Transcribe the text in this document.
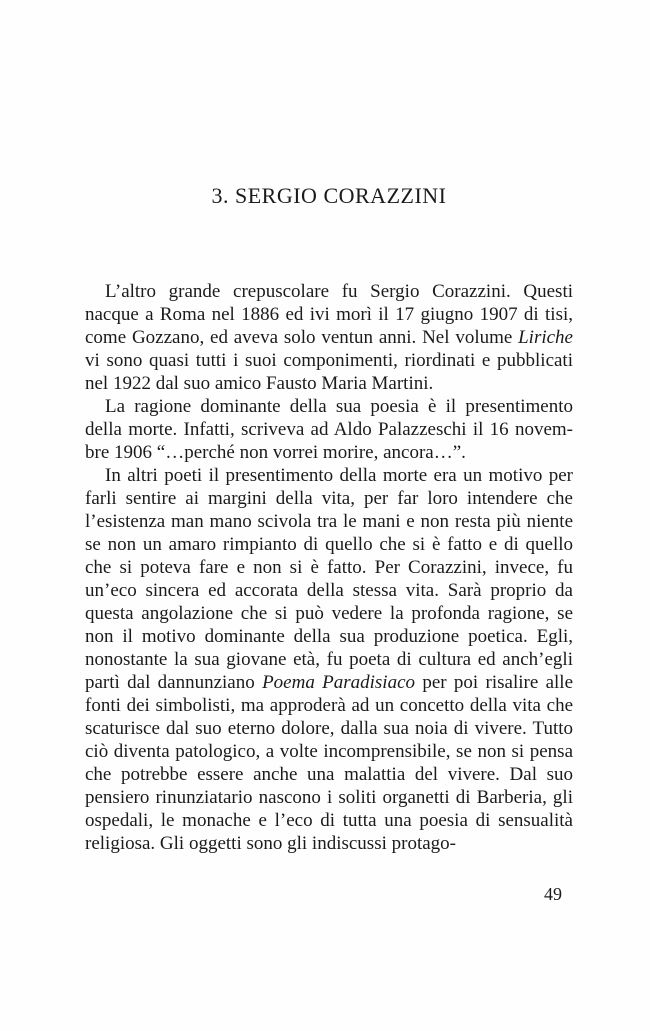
3. SERGIO CORAZZINI

L’altro grande crepuscolare fu Sergio Corazzini. Questi nacque a Roma nel 1886 ed ivi morì il 17 giugno 1907 di tisi, come Gozzano, ed aveva solo ventun anni. Nel volume Liriche vi sono quasi tutti i suoi componimenti, riordinati e pubblicati nel 1922 dal suo amico Fausto Maria Martini.

La ragione dominante della sua poesia è il presentimento della morte. Infatti, scriveva ad Aldo Palazzeschi il 16 novembre 1906 “…perché non vorrei morire, ancora…”.

In altri poeti il presentimento della morte era un motivo per farli sentire ai margini della vita, per far loro intendere che l’esistenza man mano scivola tra le mani e non resta più niente se non un amaro rimpianto di quello che si è fatto e di quello che si poteva fare e non si è fatto. Per Corazzini, invece, fu un’eco sincera ed accorata della stessa vita. Sarà proprio da questa angolazione che si può vedere la profonda ragione, se non il motivo dominante della sua produzione poetica. Egli, nonostante la sua giovane età, fu poeta di cultura ed anch’egli partì dal dannunziano Poema Paradisiaco per poi risalire alle fonti dei simbolisti, ma approderà ad un concetto della vita che scaturisce dal suo eterno dolore, dalla sua noia di vivere. Tutto ciò diventa patologico, a volte incomprensibile, se non si pensa che potrebbe essere anche una malattia del vivere. Dal suo pensiero rinunziatario nascono i soliti organetti di Barberia, gli ospedali, le monache e l’eco di tutta una poesia di sensualità religiosa. Gli oggetti sono gli indiscussi protago-

49
